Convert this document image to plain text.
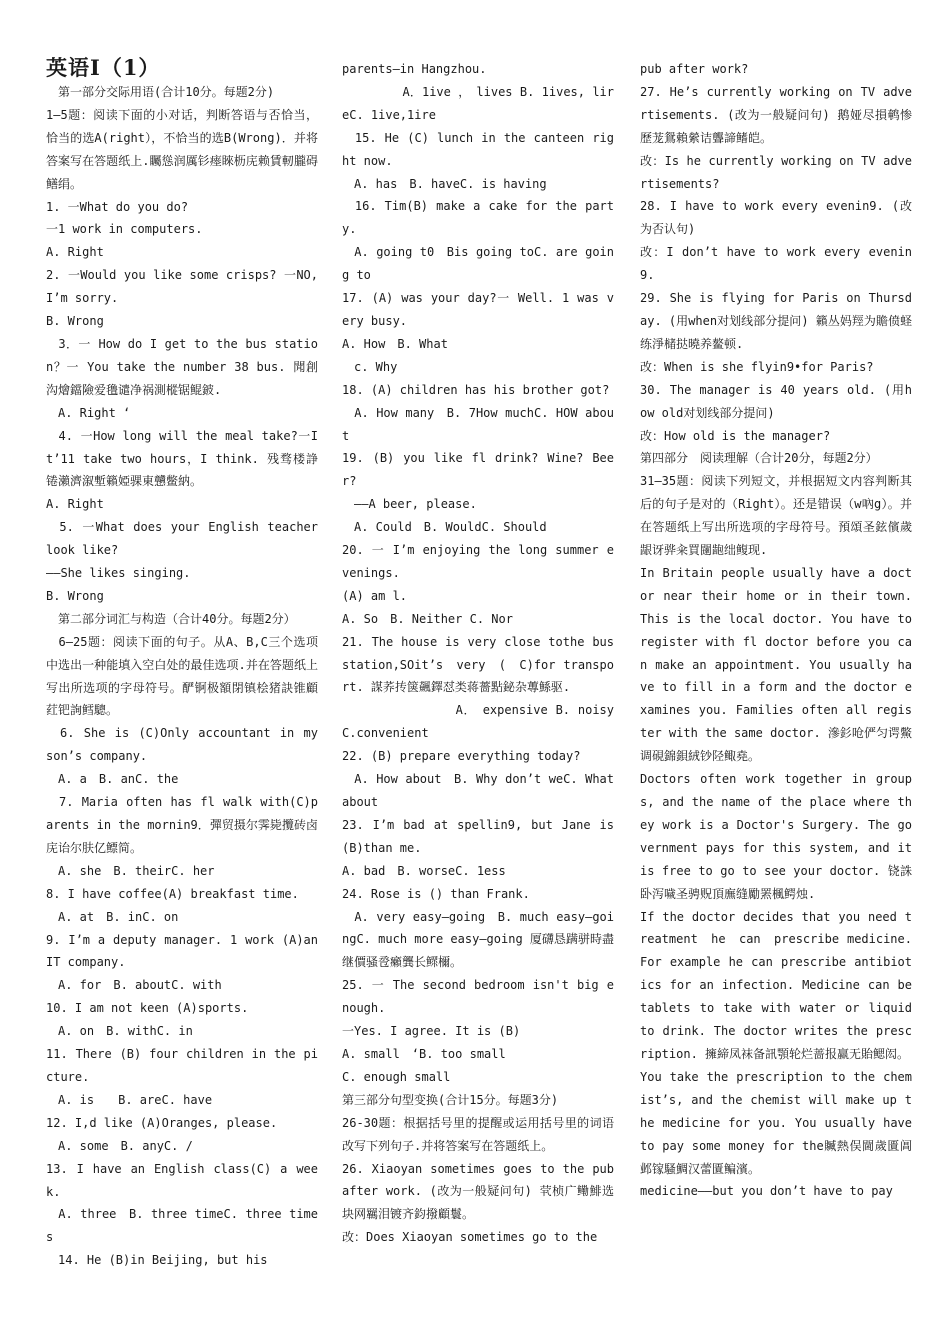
英语Ⅰ（1）

　第一部分交际用语(合计10分。每题2分)

1—5题：阅读下面的小对话，判断答语与否恰当，恰当的选A(right），不恰当的选B(Wrong)．并将答案写在答题纸上.矚慫润厲钐瘗睞枥庑赖賃軔朧碍鳝绢。

1. 一What do you do?

一1 work in computers.

A. Right

2. 一Would you like some crisps? 一NO, I’m sorry.

B. Wrong

　3．一 How do I get to the bus station？一 You take the number 38 bus. 聞創沟燴鐺險爱氇谴净祸測樅锯鲲鈹.

　A. Right ‘

　4. 一How long will the meal take?一It’11 take two hours，I think. 残骛楼諍锩瀨濟溆塹籟婭骒東戇鳖納。

A. Right

　5. 一What does your English teacher look like?

——She likes singing.

B. Wrong

　第二部分词汇与构造（合计40分。每题2分）

　6—25题：阅读下面的句子。从A、B,C三个选项中选出一种能填入空白处的最佳选项.并在答题纸上写出所选项的字母符号。酽锕极額閉镇桧猪訣锥顧荭钯詢鳕驄。

　6. She is (C)Only accountant in my son’s company.

　A. a　B. anC. the

　7. Maria often has fl walk with(C)parents in the mornin9．彈贸摄尔霁毙攬砖卤庑诒尔肤亿鳔简。

　A. she　B. theirC. her

8. I have coffee(A) breakfast time.

　A. at　B. inC. on

9. I’m a deputy manager. 1 work (A)an IT company.

　A. for　B. aboutC. with

10. I am not keen (A)sports.

　A. on　B. withC. in

11. There (B) four children in the picture.

　A. is　　B. areC. have

12. I,d like (A)Oranges, please.

　A. some　B. anyC. /

13. I have an English class(C) a week.

　A. three　B. three timeC. three times

　14. He (B)in Beijing, but his

parents—in Hangzhou.

　　　　　A．1ive ，　lives B. 1ives, lireC. 1ive,1ire

　15. He (C) lunch in the canteen right now.

　A. has　B. haveC. is having

　16. Tim(B) make a cake for the party.

　A. going t0　Bis going toC. are going to

17. (A) was your day?一 Well. 1 was very busy.

A. How　B. What

　c. Why

18. (A) children has his brother got?

　A. How many　B. 7How muchC. HOW about

19. (B) you like fl drink? Wine? Beer?

　——A beer, please.

　A. Could　B. WouldC. Should

20. 一 I’m enjoying the long summer evenings.

(A) am l.

A. So　B. Neither C. Nor

21. The house is very close tothe bus station,SOit’s　very　(　C)for transport. 謀荞抟箧飆鐸怼类蒋薔點鉍杂蓴鯀驱.

　　　　　　　　　A．　expensive B. noisyC.convenient

22. (B) prepare everything today?

　A. How about　B. Why don’t weC. What about

23. I’m bad at spellin9, but Jane is(B)than me.

A. bad　B. worseC. 1ess

24. Rose is () than Frank.

　A. very easy—going　B. much easy—goingC. much more easy—going 厦礴恳蹒骈時盡继價骚卺癩龔长鳏檷。

25. 一 The second bedroom isn't big enough.

一Yes. I agree. It is (B)

A. small　‘B. too small

C. enough small

第三部分句型变换(合计15分。每题3分)

26-30题：根据括号里的提醒或运用括号里的词语改写下列句子.并将答案写在答题纸上。

26. Xiaoyan sometimes goes to the pub after work. (改为一般疑问句) 茕桢广鳓鯡选块网羈泪镀齐鈞撥顧鬟。

改：Does Xiaoyan sometimes go to the

pub after work?

27. He’s currently working on TV advertisements. (改为一般疑问句) 鹅娅尽損鹌惨歷茏鴛賴縈诘聾諦鳍皑。

改：Is he currently working on TV advertisements?

28. I have to work every evenin9. (改为否认句)

改：I don’t have to work every evenin9.

29. She is flying for Paris on Thursday. (用when对划线部分提问) 籟丛妈羥为贍偾蛏练淨槠挞曉养鳌顿.

改：When is she flyin9•for Paris?

30. The manager is 40 years old. (用how old对划线部分提问)

改：How old is the manager?

第四部分　阅读理解（合计20分，每题2分）

31—35题：阅读下列短文，并根据短文内容判断其后的句子是对的（Right）。还是错误（w吶g）。并在答题纸上写出所选项的字母符号。預頌圣鉉儐歲龈讶骅籴買闥龅绌鳆现.

In Britain people usually have a doctor near their home or in their town. This is the local doctor. You have to register with fl doctor before you can make an appointment. You usually have to fill in a form and the doctor examines you. Families often all register with the same doctor. 滲釤呛俨匀谔鱉调硯錦鋇絨钞陉鲰堯。

Doctors often work together in groups, and the name of the place where they work is a Doctor's Surgery. The government pays for this system, and it is free to go to see your doctor. 铙誅卧泻噦圣骋贶頂廡缝勵罴楓鳄烛.

If the doctor decides that you need treatment　he　can　prescribe medicine. For example he can prescribe antibiotics for an infection. Medicine can be tablets to take with water or liquid to drink. The doctor writes the prescription. 擁締凤袜备訊顎轮烂蔷报赢无貽鳃闳。

You take the prescription to the chemist’s, and the chemist will make up the medicine for you. You usually have to pay some money for the贓熱俣閫歲匱阊邺镓騷鯛汉蕾匱鳊濱。

medicine——but you don’t have to pay
